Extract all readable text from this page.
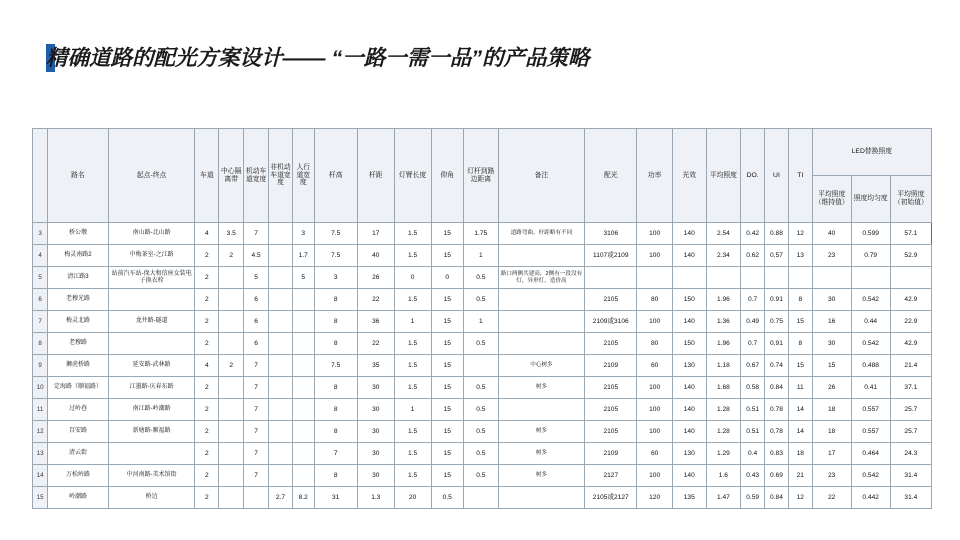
精确道路的配光方案设计—— “一路一需一品”的产品策略
	路名	起点-终点	车道	中心隔离带	机动车道宽度	非机动车道宽度	人行道宽度	杆高	杆距	灯臂长度	仰角	灯杆到路边距离	备注	配光	功率	光效	平均照度	DO.	UI	TI	LED替换照度		
																					平均照度（维持值）	照度均匀度	平均照度（初始值）
3	桥公墩	南山路-北山路	4	3.5	7		3	7.5	17	1.5	15	1.75	道路弯曲，杆距略有不同	3106	100	140	2.54	0.42	0.88	12	40	0.599	57.1
4	梅灵南路2	中梅茶室-之江路	2	2	4.5		1.7	7.5	40	1.5	15	1		1107或2109	100	140	2.34	0.62	0.57	13	23	0.79	52.9
5	清江路3	站前汽车站-保大和信座女装电子换衣栓	2		5		5	3	26	0	0	0.5	路口两侧共建高，2侧有一段没有灯，异形灯，造价高										
6	老穆光路		2		6			8	22	1.5	15	0.5		2105	80	150	1.96	0.7	0.91	8	30	0.542	42.9
7	梅灵北路	龙井路-隧道	2		6			8	36	1	15	1		2109或3106	100	140	1.36	0.49	0.75	15	16	0.44	22.9
8	老穆路		2		6			8	22	1.5	15	0.5		2105	80	150	1.96	0.7	0.91	8	30	0.542	42.9
9	狮虎桥路	延安路-武林路	4	2	7			7.5	35	1.5	15		中心树多	2109	60	130	1.18	0.67	0.74	15	15	0.488	21.4
10	定海路（顺福路）	江墨路-庆春东路	2		7			8	30	1.5	15	0.5	树多	2105	100	140	1.68	0.58	0.84	11	26	0.41	37.1
11	过岭巷	南江路-岭潮路	2		7			8	30	1	15	0.5		2105	100	140	1.28	0.51	0.78	14	18	0.557	25.7
12	百安路	新塘路-顺福路	2		7			8	30	1.5	15	0.5	树多	2105	100	140	1.28	0.51	0.78	14	18	0.557	25.7
13	清云街		2		7			7	30	1.5	15	0.5	树多	2109	60	130	1.29	0.4	0.83	18	17	0.464	24.3
14	万松岭路	中河南路-美术馆街	2		7			8	30	1.5	15	0.5	树多	2127	100	140	1.6	0.43	0.69	21	23	0.542	31.4
15	岭潮路	桥边	2			2.7	8.2	31	1.3	20	0.5			2105或2127	120	135	1.47	0.59	0.84	12	22	0.442	31.4
